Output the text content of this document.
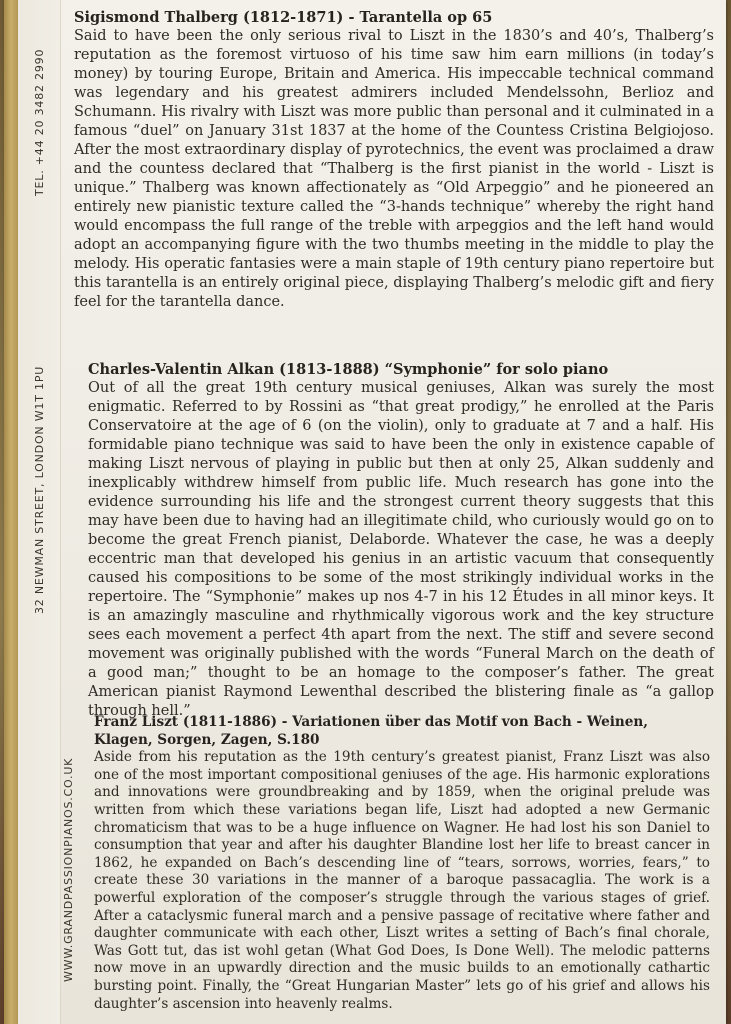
TEL. +44 20 3482 2990
32 NEWMAN STREET, LONDON W1T 1PU
WWW.GRANDPASSIONPIANOS.CO.UK

Sigismond Thalberg (1812-1871) - Tarantella op 65

Said to have been the only serious rival to Liszt in the 1830’s and 40’s, Thalberg’s reputation as the foremost virtuoso of his time saw him earn millions (in today’s money) by touring Europe, Britain and America. His impeccable technical command was legendary and his greatest admirers included Mendelssohn, Berlioz and Schumann. His rivalry with Liszt was more public than personal and it culminated in a famous “duel” on January 31st 1837 at the home of the Countess Cristina Belgiojoso. After the most extraordinary display of pyrotechnics, the event was proclaimed a draw and the countess declared that “Thalberg is the first pianist in the world - Liszt is unique.” Thalberg was known affectionately as “Old Arpeggio” and he pioneered an entirely new pianistic texture called the “3-hands technique” whereby the right hand would encompass the full range of the treble with arpeggios and the left hand would adopt an accompanying figure with the two thumbs meeting in the middle to play the melody. His operatic fantasies were a main staple of 19th century piano repertoire but this tarantella is an entirely original piece, displaying Thalberg’s melodic gift and fiery feel for the tarantella dance.

Charles-Valentin Alkan (1813-1888) “Symphonie” for solo piano

Out of all the great 19th century musical geniuses, Alkan was surely the most enigmatic. Referred to by Rossini as “that great prodigy,” he enrolled at the Paris Conservatoire at the age of 6 (on the violin), only to graduate at 7 and a half. His formidable piano technique was said to have been the only in existence capable of making Liszt nervous of playing in public but then at only 25, Alkan suddenly and inexplicably withdrew himself from public life. Much research has gone into the evidence surrounding his life and the strongest current theory suggests that this may have been due to having had an illegitimate child, who curiously would go on to become the great French pianist, Delaborde. Whatever the case, he was a deeply eccentric man that developed his genius in an artistic vacuum that consequently caused his compositions to be some of the most strikingly individual works in the repertoire. The “Symphonie” makes up nos 4-7 in his 12 Études in all minor keys. It is an amazingly masculine and rhythmically vigorous work and the key structure sees each movement a perfect 4th apart from the next. The stiff and severe second movement was originally published with the words “Funeral March on the death of a good man;” thought to be an homage to the composer’s father. The great American pianist Raymond Lewenthal described the blistering finale as “a gallop through hell.”

Franz Liszt (1811-1886) - Variationen über das Motif von Bach - Weinen, Klagen, Sorgen, Zagen, S.180

Aside from his reputation as the 19th century’s greatest pianist, Franz Liszt was also one of the most important compositional geniuses of the age. His harmonic explorations and innovations were groundbreaking and by 1859, when the original prelude was written from which these variations began life, Liszt had adopted a new Germanic chromaticism that was to be a huge influence on Wagner. He had lost his son Daniel to consumption that year and after his daughter Blandine lost her life to breast cancer in 1862, he expanded on Bach’s descending line of “tears, sorrows, worries, fears,” to create these 30 variations in the manner of a baroque passacaglia. The work is a powerful exploration of the composer’s struggle through the various stages of grief. After a cataclysmic funeral march and a pensive passage of recitative where father and daughter communicate with each other, Liszt writes a setting of Bach’s final chorale, Was Gott tut, das ist wohl getan (What God Does, Is Done Well). The melodic patterns now move in an upwardly direction and the music builds to an emotionally cathartic bursting point. Finally, the “Great Hungarian Master” lets go of his grief and allows his daughter’s ascension into heavenly realms.
